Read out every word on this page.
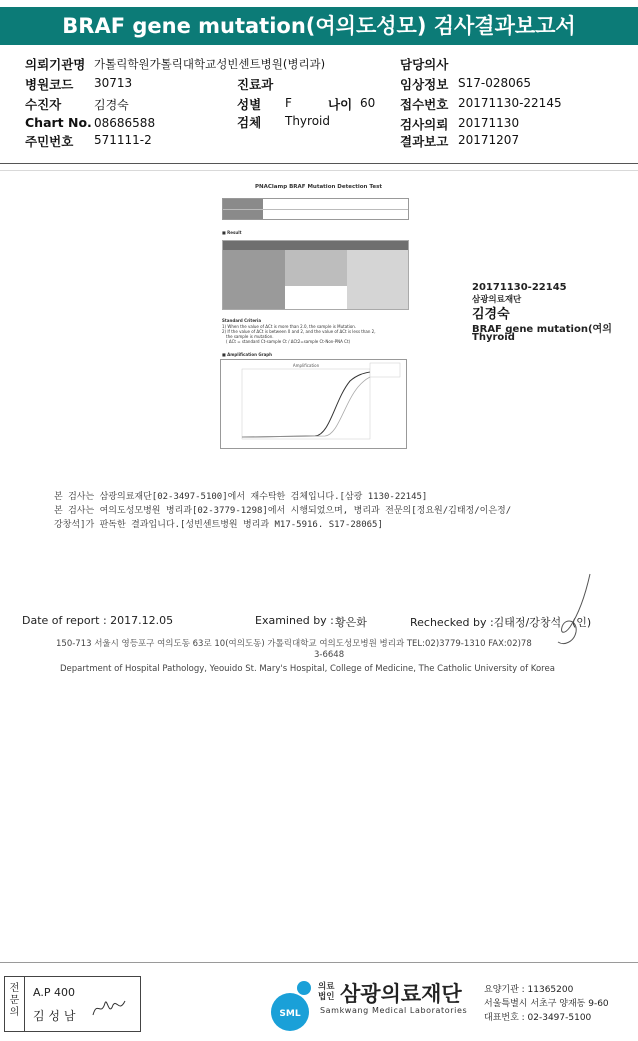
BRAF gene mutation(여의도성모) 검사결과보고서
의뢰기관명 가톨릭학원가톨릭대학교성빈센트병원(병리과)	담당의사
병원코드 30713	진료과	임상정보 S17-028065
수진자	김경숙	성별 F	나이 60 접수번호 20171130-22145
Chart No. 08686588	검체 Thyroid	검사의뢰 20171130
주민번호 571111-2	결과보고 20171207
PNAClamp BRAF Mutation Detection Test
■ Result
Standard Criteria
1) When the value of ΔCt is more than 2.0, the sample is Mutation.
2) If the value of ΔCt is between 0 and 2, and the value of ΔCt is less than 2,
the sample is mutation.
( ΔCt = standard Ct-sample Ct / ΔCt2=sample Ct-Non-PNA Ct)
■ Amplification Graph
Amplification
20171130-22145
삼광의료재단
김경숙
BRAF gene mutation(여의
Thyroid
본 검사는 삼광의료재단[02-3497-5100]에서 재수탁한 검체입니다.[삼광 1130-22145]
본 검사는 여의도성모병원 병리과[02-3779-1298]에서 시행되었으며, 병리과 전문의[정요원/김태정/이은정/
강창석]가 판독한 결과입니다.[성빈센트병원 병리과 M17-5916. S17-28065]
Date of report : 2017.12.05	Examined by : 황은화	Rechecked by :김태정/강창석 (인)
150-713 서울시 영등포구 여의도동 63로 10(여의도동) 가톨릭대학교 여의도성모병원 병리과 TEL:02)3779-1310 FAX:02)78
3-6648
Department of Hospital Pathology, Yeouido St. Mary's Hospital, College of Medicine, The Catholic University of Korea
전문의
A.P 400
김 성 남	SML
의료
법인 삼광의료재단
Samkwang Medical Laboratories
요양기관 : 11365200
서울특별시 서초구 양재동 9-60
대표번호 : 02-3497-5100
